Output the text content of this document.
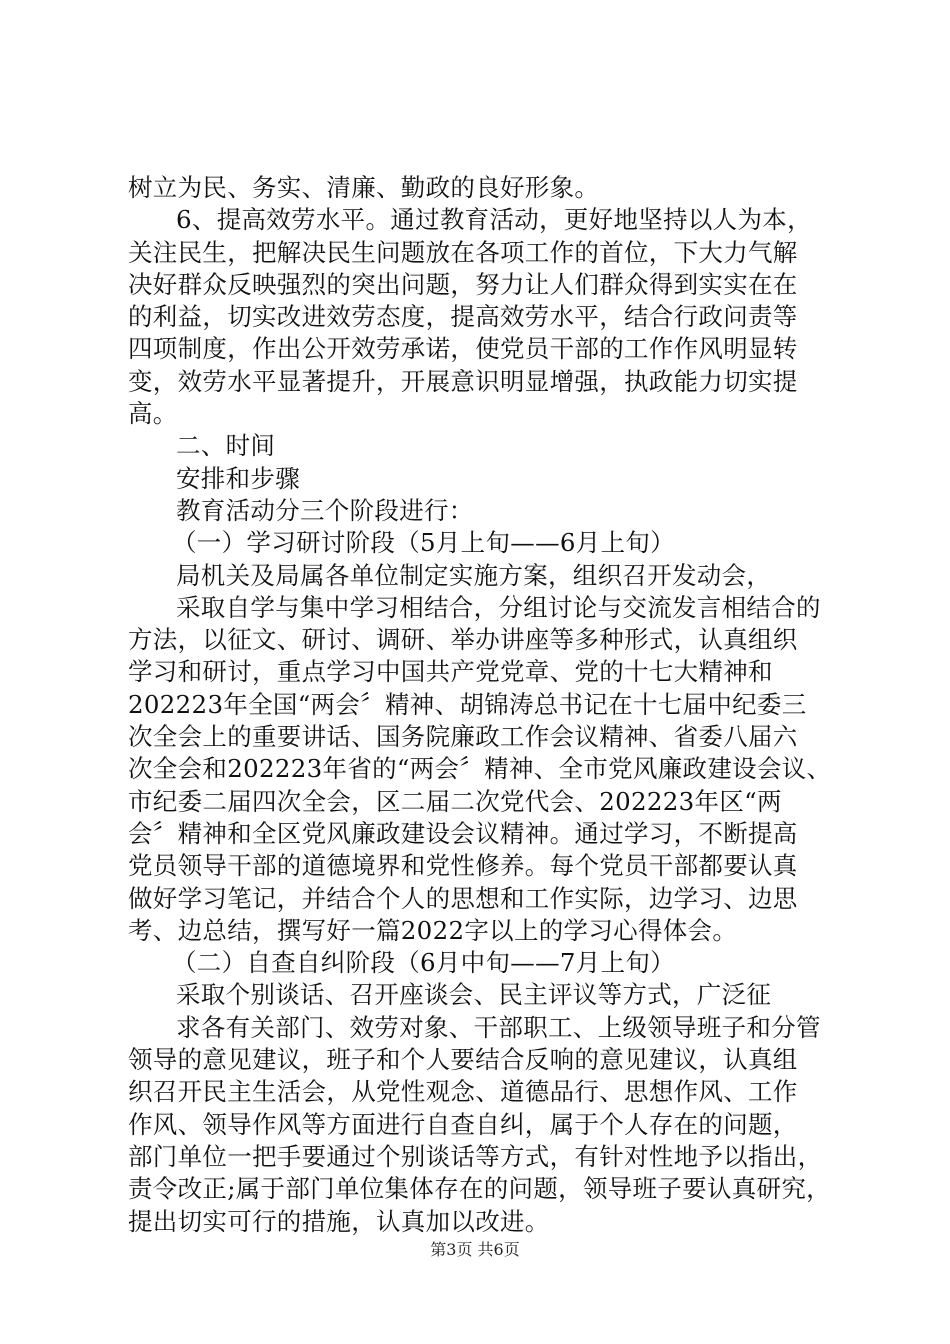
树立为民、务实、清廉、勤政的良好形象。
6、提高效劳水平。通过教育活动，更好地坚持以人为本，
关注民生，把解决民生问题放在各项工作的首位，下大力气解
决好群众反映强烈的突出问题，努力让人们群众得到实实在在
的利益，切实改进效劳态度，提高效劳水平，结合行政问责等
四项制度，作出公开效劳承诺，使党员干部的工作作风明显转
变，效劳水平显著提升，开展意识明显增强，执政能力切实提
高。
二、时间
安排和步骤
教育活动分三个阶段进行：
（一）学习研讨阶段（5月上旬——6月上旬）
局机关及局属各单位制定实施方案，组织召开发动会，
采取自学与集中学习相结合，分组讨论与交流发言相结合的
方法，以征文、研讨、调研、举办讲座等多种形式，认真组织
学习和研讨，重点学习中国共产党党章、党的十七大精神和
202223年全国“两会〞精神、胡锦涛总书记在十七届中纪委三
次全会上的重要讲话、国务院廉政工作会议精神、省委八届六
次全会和202223年省的“两会〞精神、全市党风廉政建设会议、
市纪委二届四次全会，区二届二次党代会、202223年区“两
会〞精神和全区党风廉政建设会议精神。通过学习，不断提高
党员领导干部的道德境界和党性修养。每个党员干部都要认真
做好学习笔记，并结合个人的思想和工作实际，边学习、边思
考、边总结，撰写好一篇2022字以上的学习心得体会。
（二）自查自纠阶段（6月中旬——7月上旬）
采取个别谈话、召开座谈会、民主评议等方式，广泛征
求各有关部门、效劳对象、干部职工、上级领导班子和分管
领导的意见建议，班子和个人要结合反响的意见建议，认真组
织召开民主生活会，从党性观念、道德品行、思想作风、工作
作风、领导作风等方面进行自查自纠，属于个人存在的问题，
部门单位一把手要通过个别谈话等方式，有针对性地予以指出，
责令改正;属于部门单位集体存在的问题，领导班子要认真研究，
提出切实可行的措施，认真加以改进。
第3页 共6页
